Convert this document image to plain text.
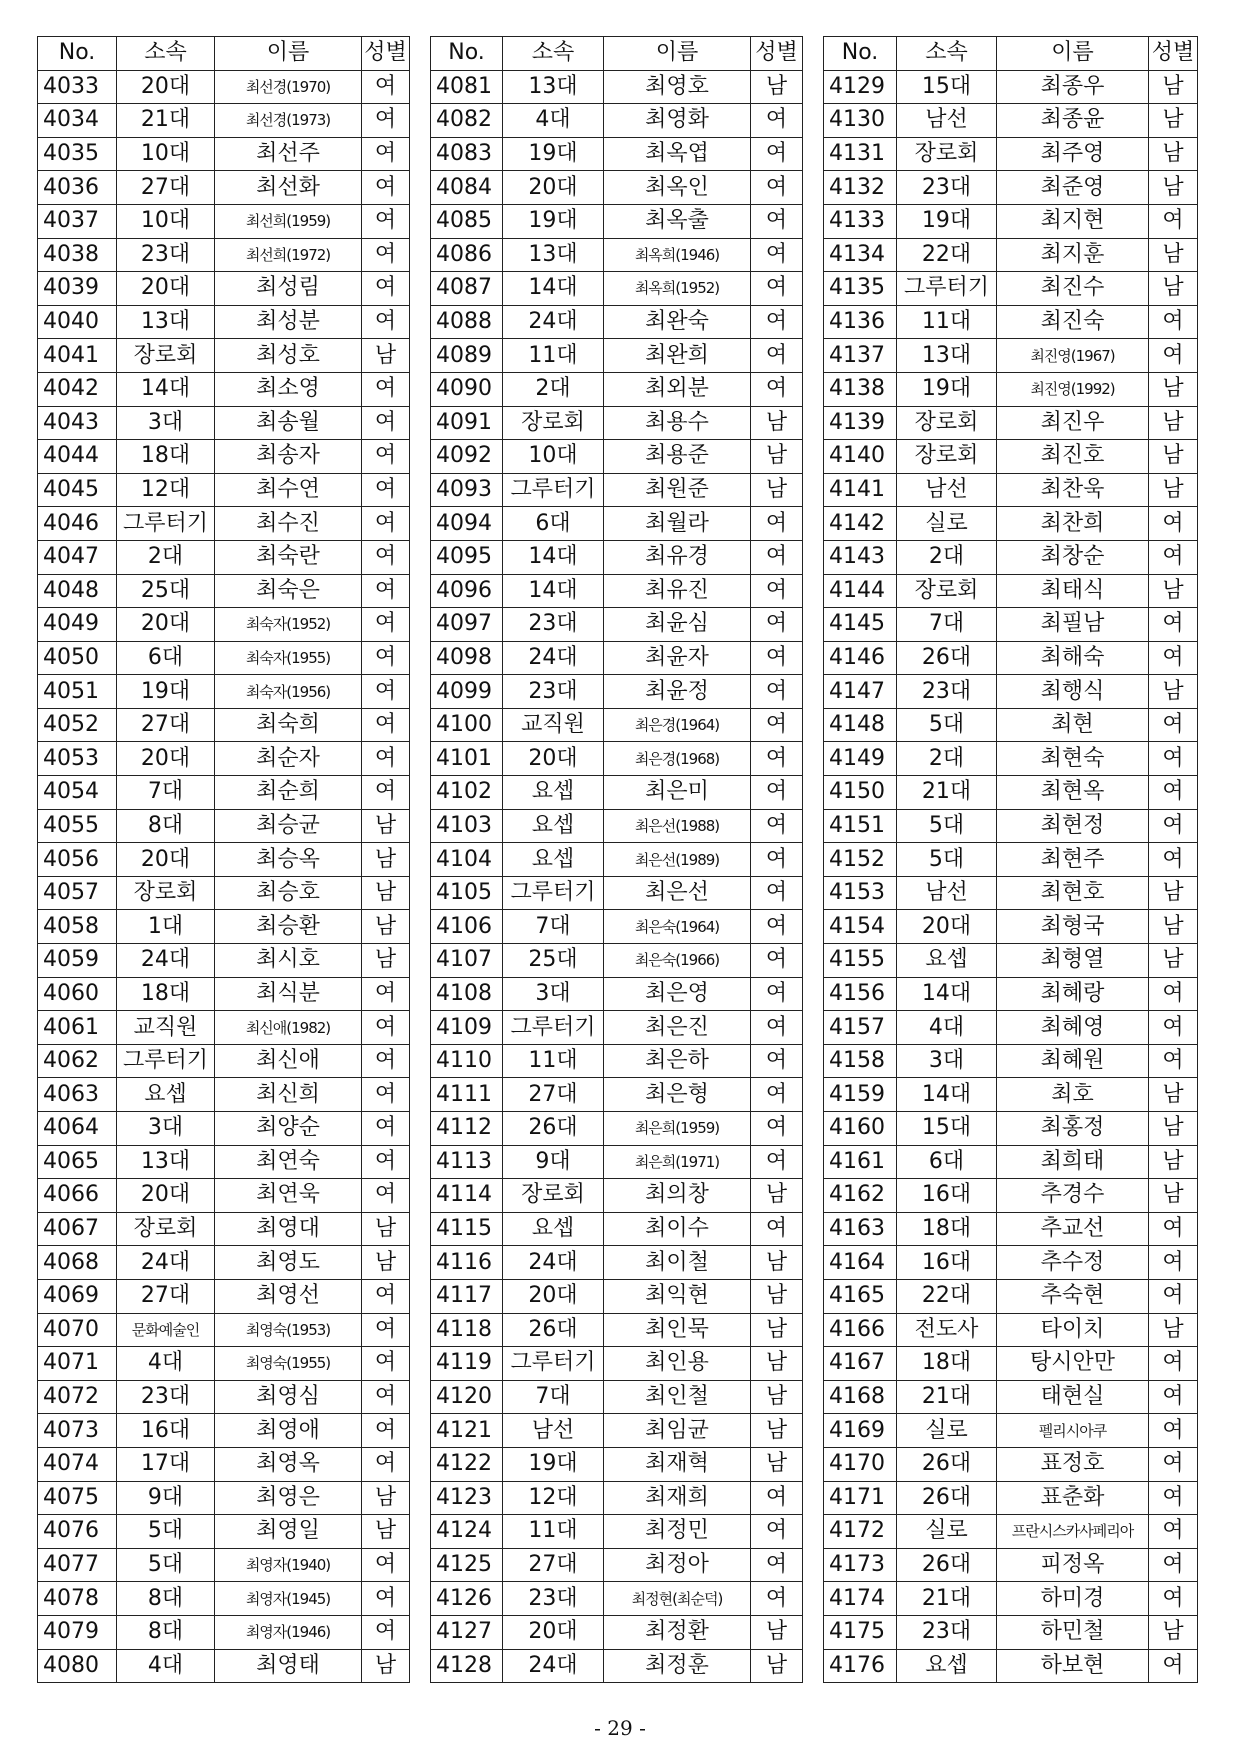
No.	소속	이름	성별
4033	20대	최선경(1970)	여
4034	21대	최선경(1973)	여
4035	10대	최선주	여
4036	27대	최선화	여
4037	10대	최선희(1959)	여
4038	23대	최선희(1972)	여
4039	20대	최성림	여
4040	13대	최성분	여
4041	장로회	최성호	남
4042	14대	최소영	여
4043	3대	최송월	여
4044	18대	최송자	여
4045	12대	최수연	여
4046	그루터기	최수진	여
4047	2대	최숙란	여
4048	25대	최숙은	여
4049	20대	최숙자(1952)	여
4050	6대	최숙자(1955)	여
4051	19대	최숙자(1956)	여
4052	27대	최숙희	여
4053	20대	최순자	여
4054	7대	최순희	여
4055	8대	최승균	남
4056	20대	최승옥	남
4057	장로회	최승호	남
4058	1대	최승환	남
4059	24대	최시호	남
4060	18대	최식분	여
4061	교직원	최신애(1982)	여
4062	그루터기	최신애	여
4063	요셉	최신희	여
4064	3대	최양순	여
4065	13대	최연숙	여
4066	20대	최연욱	여
4067	장로회	최영대	남
4068	24대	최영도	남
4069	27대	최영선	여
4070	문화예술인	최영숙(1953)	여
4071	4대	최영숙(1955)	여
4072	23대	최영심	여
4073	16대	최영애	여
4074	17대	최영옥	여
4075	9대	최영은	남
4076	5대	최영일	남
4077	5대	최영자(1940)	여
4078	8대	최영자(1945)	여
4079	8대	최영자(1946)	여
4080	4대	최영태	남
No.	소속	이름	성별
4081	13대	최영호	남
4082	4대	최영화	여
4083	19대	최옥엽	여
4084	20대	최옥인	여
4085	19대	최옥출	여
4086	13대	최옥희(1946)	여
4087	14대	최옥희(1952)	여
4088	24대	최완숙	여
4089	11대	최완희	여
4090	2대	최외분	여
4091	장로회	최용수	남
4092	10대	최용준	남
4093	그루터기	최원준	남
4094	6대	최월라	여
4095	14대	최유경	여
4096	14대	최유진	여
4097	23대	최윤심	여
4098	24대	최윤자	여
4099	23대	최윤정	여
4100	교직원	최은경(1964)	여
4101	20대	최은경(1968)	여
4102	요셉	최은미	여
4103	요셉	최은선(1988)	여
4104	요셉	최은선(1989)	여
4105	그루터기	최은선	여
4106	7대	최은숙(1964)	여
4107	25대	최은숙(1966)	여
4108	3대	최은영	여
4109	그루터기	최은진	여
4110	11대	최은하	여
4111	27대	최은형	여
4112	26대	최은희(1959)	여
4113	9대	최은희(1971)	여
4114	장로회	최의창	남
4115	요셉	최이수	여
4116	24대	최이철	남
4117	20대	최익현	남
4118	26대	최인묵	남
4119	그루터기	최인용	남
4120	7대	최인철	남
4121	남선	최임균	남
4122	19대	최재혁	남
4123	12대	최재희	여
4124	11대	최정민	여
4125	27대	최정아	여
4126	23대	최정현(최순덕)	여
4127	20대	최정환	남
4128	24대	최정훈	남
No.	소속	이름	성별
4129	15대	최종우	남
4130	남선	최종윤	남
4131	장로회	최주영	남
4132	23대	최준영	남
4133	19대	최지현	여
4134	22대	최지훈	남
4135	그루터기	최진수	남
4136	11대	최진숙	여
4137	13대	최진영(1967)	여
4138	19대	최진영(1992)	남
4139	장로회	최진우	남
4140	장로회	최진호	남
4141	남선	최찬욱	남
4142	실로	최찬희	여
4143	2대	최창순	여
4144	장로회	최태식	남
4145	7대	최필남	여
4146	26대	최해숙	여
4147	23대	최행식	남
4148	5대	최현	여
4149	2대	최현숙	여
4150	21대	최현옥	여
4151	5대	최현정	여
4152	5대	최현주	여
4153	남선	최현호	남
4154	20대	최형국	남
4155	요셉	최형열	남
4156	14대	최혜랑	여
4157	4대	최혜영	여
4158	3대	최혜원	여
4159	14대	최호	남
4160	15대	최홍정	남
4161	6대	최희태	남
4162	16대	추경수	남
4163	18대	추교선	여
4164	16대	추수정	여
4165	22대	추숙현	여
4166	전도사	타이치	남
4167	18대	탕시안만	여
4168	21대	태현실	여
4169	실로	펠리시아쿠	여
4170	26대	표정호	여
4171	26대	표춘화	여
4172	실로	프란시스카사페리아	여
4173	26대	피정옥	여
4174	21대	하미경	여
4175	23대	하민철	남
4176	요셉	하보현	여
- 29 -
